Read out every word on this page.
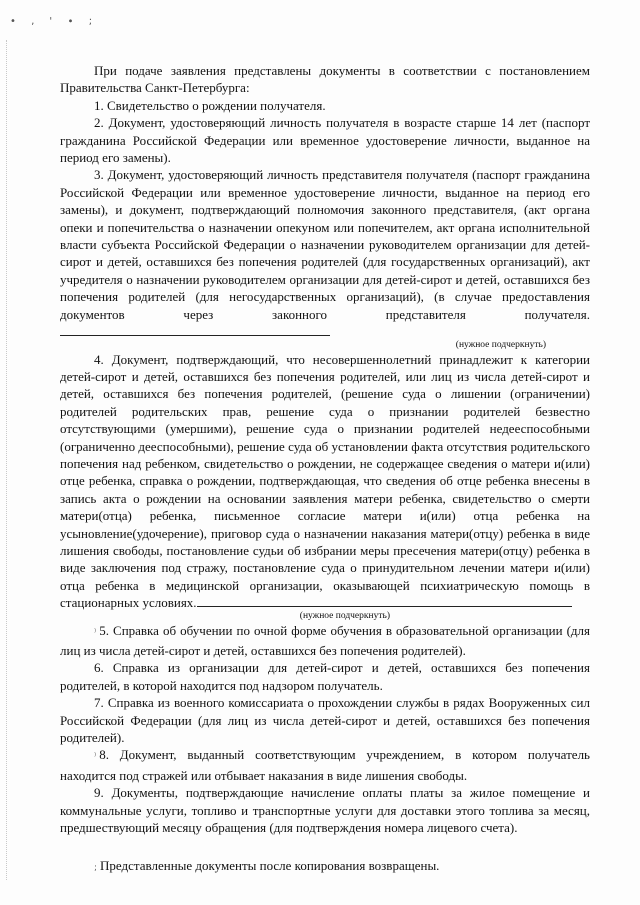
• ‚ ' ∙ ;

При подаче заявления представлены документы в соответствии с постановлением Правительства Санкт-Петербурга:

1. Свидетельство о рождении получателя.

2. Документ, удостоверяющий личность получателя в возрасте старше 14 лет (паспорт гражданина Российской Федерации или временное удостоверение личности, выданное на период его замены).

3. Документ, удостоверяющий личность представителя получателя (паспорт гражданина Российской Федерации или временное удостоверение личности, выданное на период его замены), и документ, подтверждающий полномочия законного представителя, (акт органа опеки и попечительства о назначении опекуном или попечителем, акт органа исполнительной власти субъекта Российской Федерации о назначении руководителем организации для детей-сирот и детей, оставшихся без попечения родителей (для государственных организаций), акт учредителя о назначении руководителем организации для детей-сирот и детей, оставшихся без попечения родителей (для негосударственных организаций), (в случае предоставления документов через законного представителя получателя.

(нужное подчеркнуть)

4. Документ, подтверждающий, что несовершеннолетний принадлежит к категории детей-сирот и детей, оставшихся без попечения родителей, или лиц из числа детей-сирот и детей, оставшихся без попечения родителей, (решение суда о лишении (ограничении) родителей родительских прав, решение суда о признании родителей безвестно отсутствующими (умершими), решение суда о признании родителей недееспособными (ограниченно дееспособными), решение суда об установлении факта отсутствия родительского попечения над ребенком, свидетельство о рождении, не содержащее сведения о матери и(или) отце ребенка, справка о рождении, подтверждающая, что сведения об отце ребенка внесены в запись акта о рождении на основании заявления матери ребенка, свидетельство о смерти матери(отца) ребенка, письменное согласие матери и(или) отца ребенка на усыновление(удочерение), приговор суда о назначении наказания матери(отцу) ребенка в виде лишения свободы, постановление судьи об избрании меры пресечения матери(отцу) ребенка в виде заключения под стражу, постановление суда о принудительном лечении матери и(или) отца ребенка в медицинской организации, оказывающей психиатрическую помощь в стационарных условиях.

(нужное подчеркнуть)

⁾ 5. Справка об обучении по очной форме обучения в образовательной организации (для лиц из числа детей-сирот и детей, оставшихся без попечения родителей).

6. Справка из организации для детей-сирот и детей, оставшихся без попечения родителей, в которой находится под надзором получатель.

7. Справка из военного комиссариата о прохождении службы в рядах Вооруженных сил Российской Федерации (для лиц из числа детей-сирот и детей, оставшихся без попечения родителей).

⁾ 8. Документ, выданный соответствующим учреждением, в котором получатель находится под стражей или отбывает наказания в виде лишения свободы.

9. Документы, подтверждающие начисление оплаты платы за жилое помещение и коммунальные услуги, топливо и транспортные услуги для доставки этого топлива за месяц, предшествующий месяцу обращения (для подтверждения номера лицевого счета).

; Представленные документы после копирования возвращены.
